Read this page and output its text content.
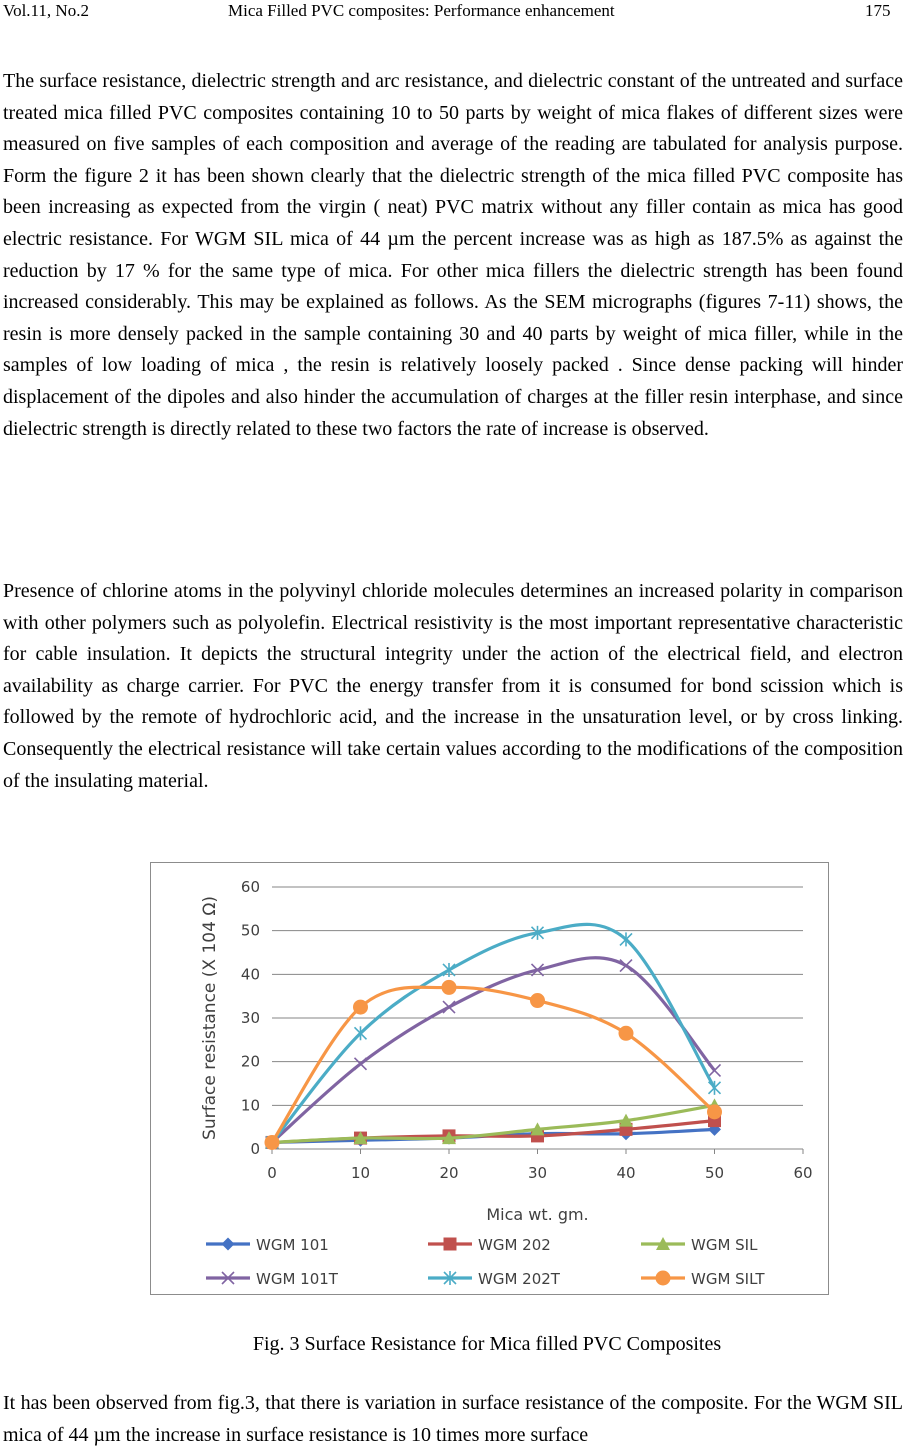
Vol.11, No.2	Mica Filled PVC composites: Performance enhancement	175

The surface resistance, dielectric strength and arc resistance, and dielectric constant of the untreated and surface treated mica filled PVC composites containing 10 to 50 parts by weight of mica flakes of different sizes were measured on five samples of each composition and average of the reading are tabulated for analysis purpose. Form the figure 2 it has been shown clearly that the dielectric strength of the mica filled PVC composite has been increasing as expected from the virgin ( neat) PVC matrix without any filler contain as mica has good electric resistance. For WGM SIL mica of 44 µm the percent increase was as high as 187.5% as against the reduction by 17 % for the same type of mica. For other mica fillers the dielectric strength has been found increased considerably. This may be explained as follows. As the SEM micrographs (figures 7-11) shows, the resin is more densely packed in the sample containing 30 and 40 parts by weight of mica filler, while in the samples of low loading of mica , the resin is relatively loosely packed . Since dense packing will hinder displacement of the dipoles and also hinder the accumulation of charges at the filler resin interphase, and since dielectric strength is directly related to these two factors the rate of increase is observed.

Presence of chlorine atoms in the polyvinyl chloride molecules determines an increased polarity in comparison with other polymers such as polyolefin. Electrical resistivity is the most important representative characteristic for cable insulation. It depicts the structural integrity under the action of the electrical field, and electron availability as charge carrier. For PVC the energy transfer from it is consumed for bond scission which is followed by the remote of hydrochloric acid, and the increase in the unsaturation level, or by cross linking. Consequently the electrical resistance will take certain values according to the modifications of the composition of the insulating material.

0
10
20
30
40
50
60
0	10	20	30	40	50	60
Mica wt. gm.
Surface resistance (X 104 Ω)
WGM 101	WGM 202	WGM SIL
WGM 101T	WGM 202T	WGM SILT
Fig. 3 Surface Resistance for Mica filled PVC Composites

It has been observed from fig.3, that there is variation in surface resistance of the composite. For the WGM SIL mica of 44 µm the increase in surface resistance is 10 times more surface
